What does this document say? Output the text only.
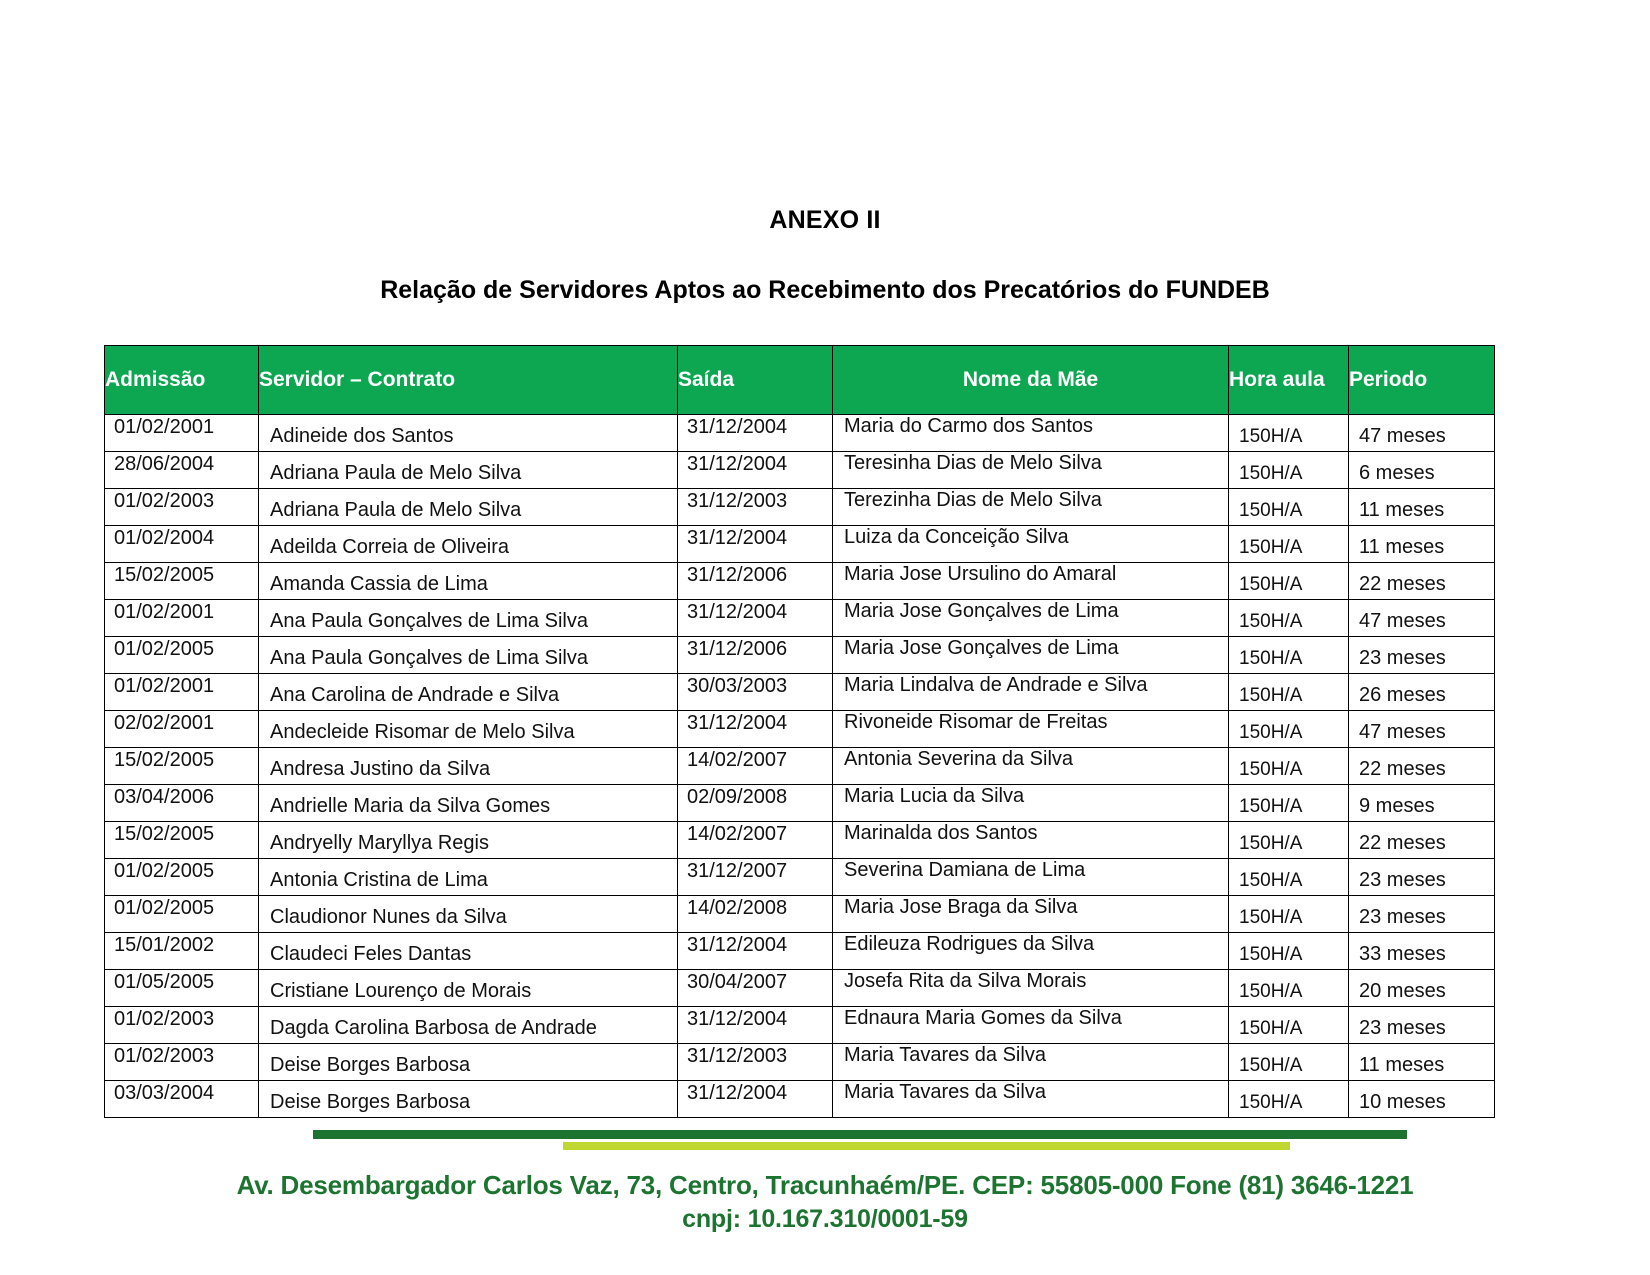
ANEXO II
Relação de Servidores Aptos ao Recebimento dos Precatórios do FUNDEB
Admissão	Servidor – Contrato	Saída	Nome da Mãe	Hora aula	Periodo
01/02/2001	Adineide dos Santos	31/12/2004	Maria do Carmo dos Santos	150H/A	47 meses
28/06/2004	Adriana Paula de Melo Silva	31/12/2004	Teresinha Dias de Melo Silva	150H/A	6 meses
01/02/2003	Adriana Paula de Melo Silva	31/12/2003	Terezinha Dias de Melo Silva	150H/A	11 meses
01/02/2004	Adeilda Correia de Oliveira	31/12/2004	Luiza da Conceição Silva	150H/A	11 meses
15/02/2005	Amanda Cassia de Lima	31/12/2006	Maria Jose Ursulino do Amaral	150H/A	22 meses
01/02/2001	Ana Paula Gonçalves de Lima Silva	31/12/2004	Maria Jose Gonçalves de Lima	150H/A	47 meses
01/02/2005	Ana Paula Gonçalves de Lima Silva	31/12/2006	Maria Jose Gonçalves de Lima	150H/A	23 meses
01/02/2001	Ana Carolina de Andrade e Silva	30/03/2003	Maria Lindalva de Andrade e Silva	150H/A	26 meses
02/02/2001	Andecleide Risomar de Melo Silva	31/12/2004	Rivoneide Risomar de Freitas	150H/A	47 meses
15/02/2005	Andresa Justino da Silva	14/02/2007	Antonia Severina da Silva	150H/A	22 meses
03/04/2006	Andrielle Maria da Silva Gomes	02/09/2008	Maria Lucia da Silva	150H/A	9 meses
15/02/2005	Andryelly Maryllya Regis	14/02/2007	Marinalda dos Santos	150H/A	22 meses
01/02/2005	Antonia Cristina de Lima	31/12/2007	Severina Damiana de Lima	150H/A	23 meses
01/02/2005	Claudionor Nunes da Silva	14/02/2008	Maria Jose Braga da Silva	150H/A	23 meses
15/01/2002	Claudeci Feles Dantas	31/12/2004	Edileuza Rodrigues da Silva	150H/A	33 meses
01/05/2005	Cristiane Lourenço de Morais	30/04/2007	Josefa Rita da Silva Morais	150H/A	20 meses
01/02/2003	Dagda Carolina Barbosa de Andrade	31/12/2004	Ednaura Maria Gomes da Silva	150H/A	23 meses
01/02/2003	Deise Borges Barbosa	31/12/2003	Maria Tavares da Silva	150H/A	11 meses
03/03/2004	Deise Borges Barbosa	31/12/2004	Maria Tavares da Silva	150H/A	10 meses
Av. Desembargador Carlos Vaz, 73, Centro, Tracunhaém/PE. CEP: 55805-000 Fone (81) 3646-1221
cnpj: 10.167.310/0001-59
